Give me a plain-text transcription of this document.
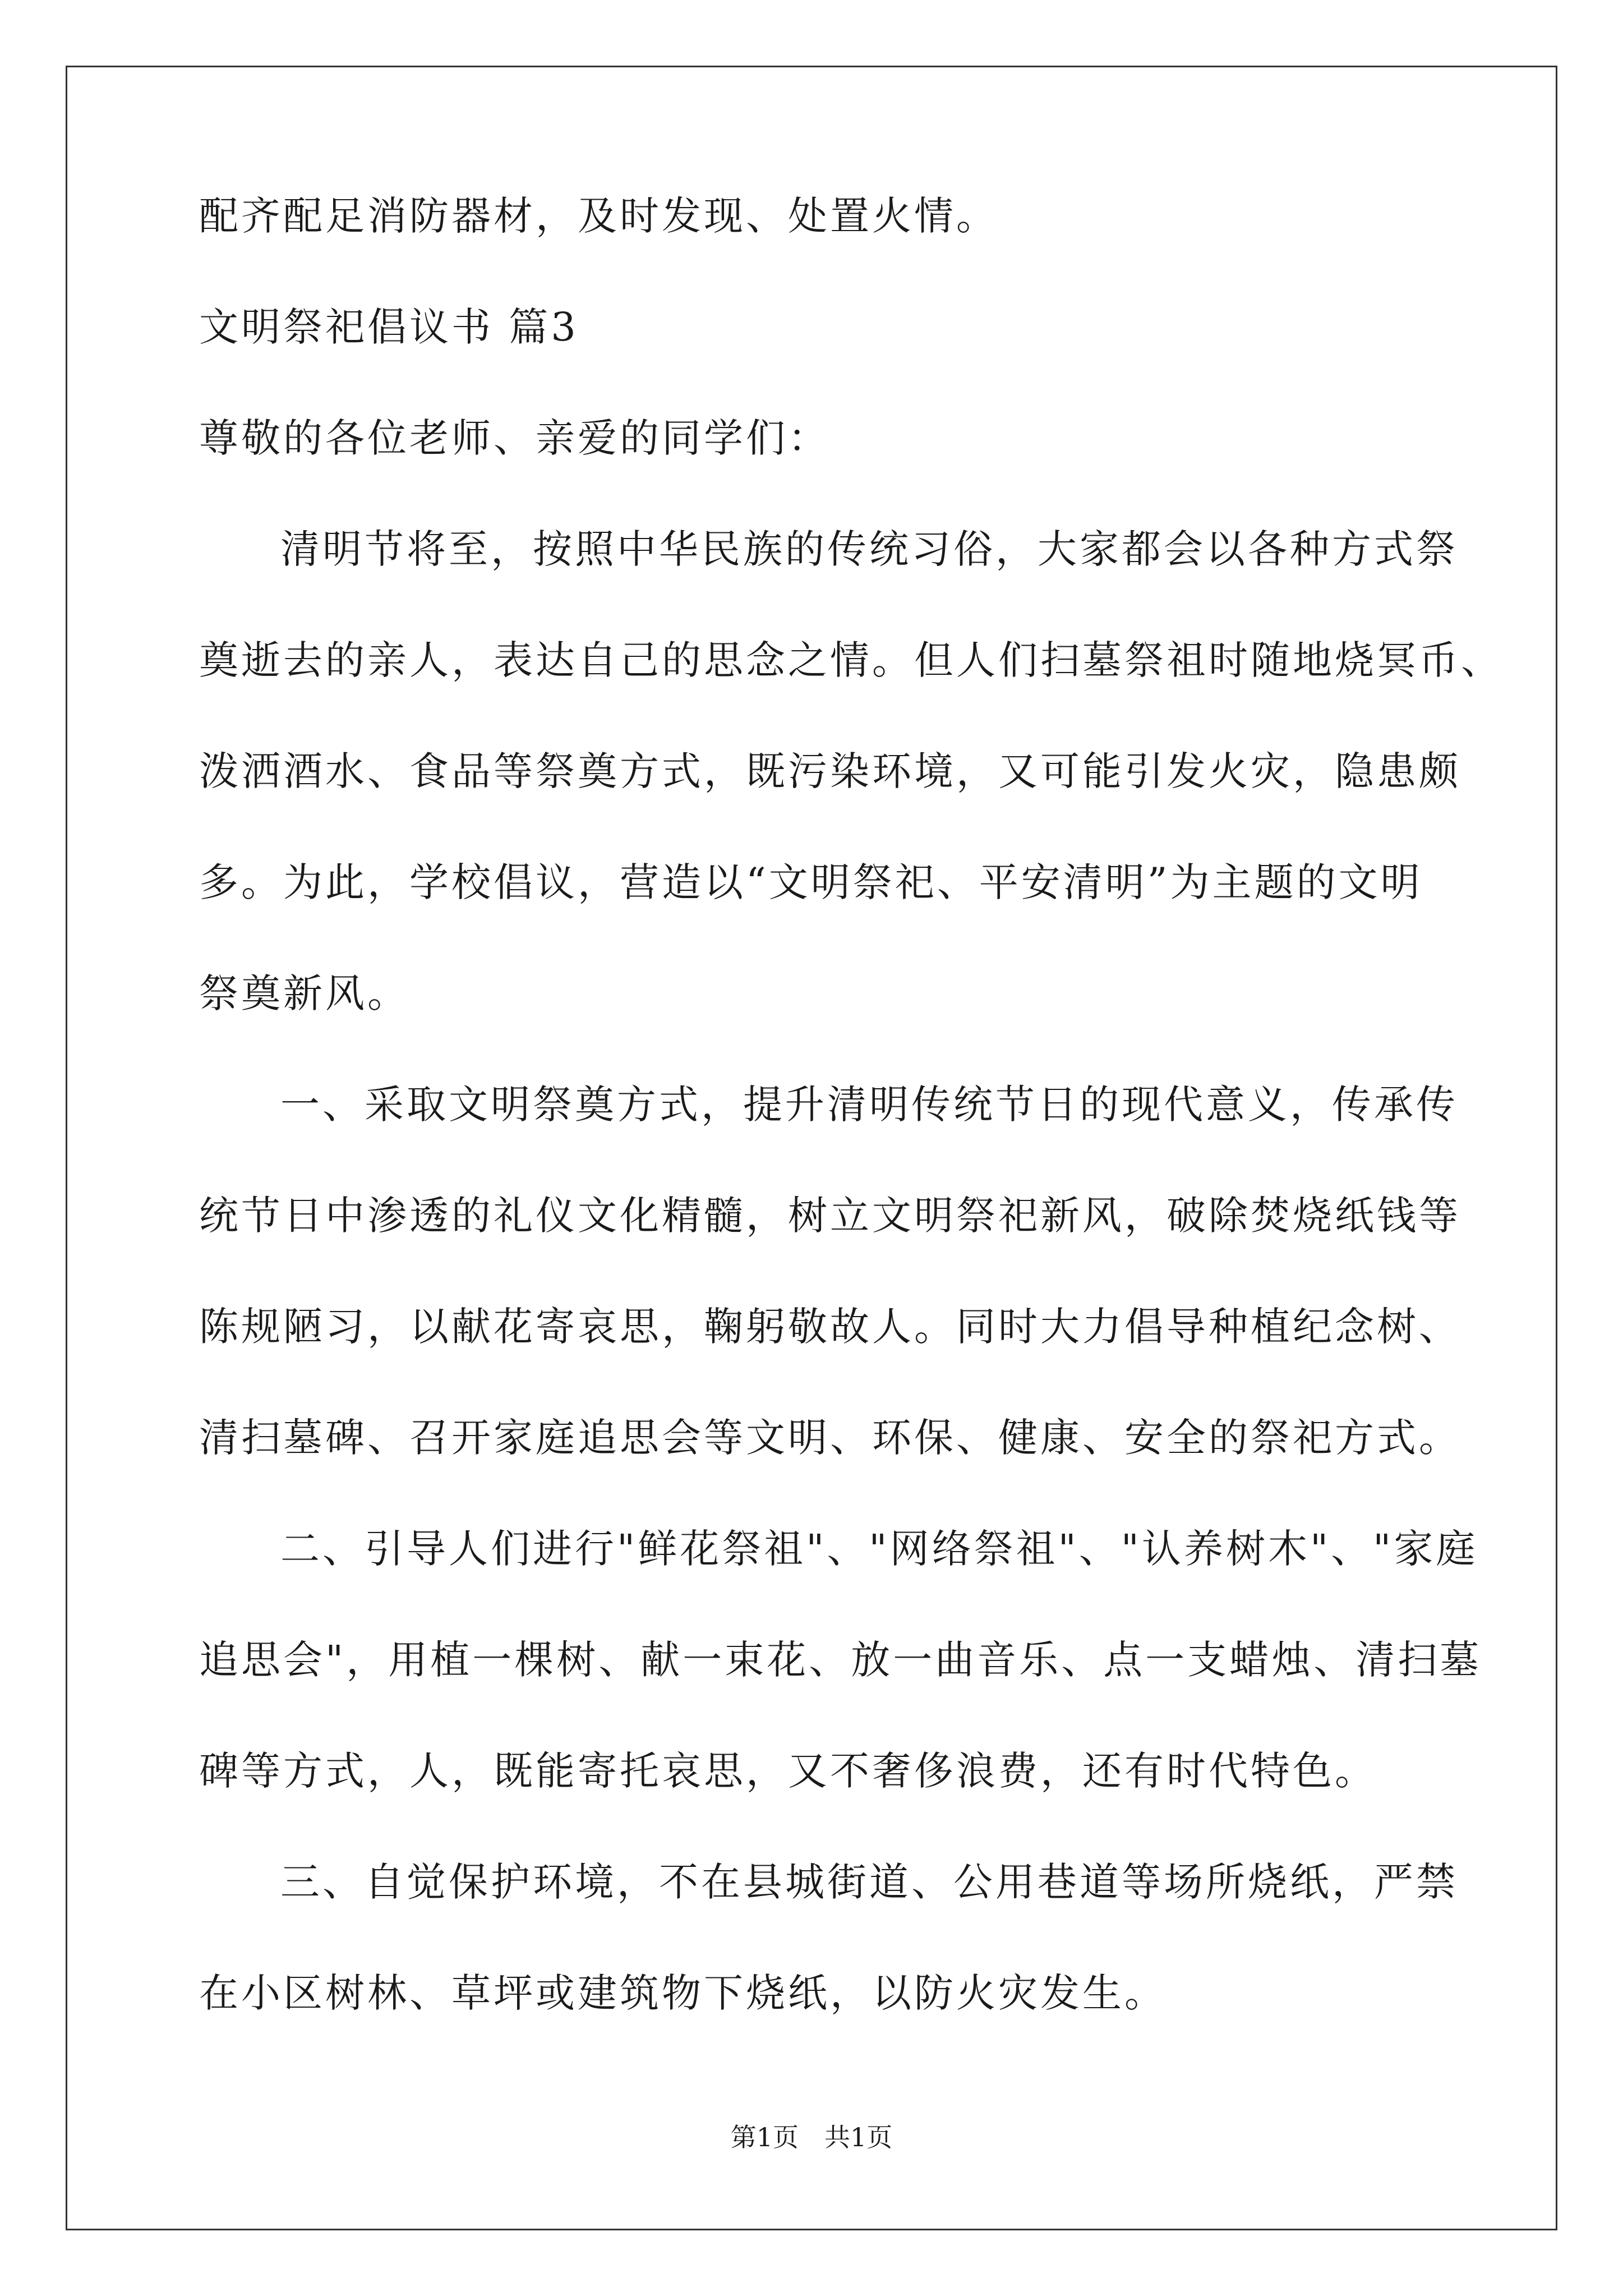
配齐配足消防器材，及时发现、处置火情。
文明祭祀倡议书 篇3
尊敬的各位老师、亲爱的同学们：
清明节将至，按照中华民族的传统习俗，大家都会以各种方式祭
奠逝去的亲人，表达自己的思念之情。但人们扫墓祭祖时随地烧冥币、
泼洒酒水、食品等祭奠方式，既污染环境，又可能引发火灾，隐患颇
多。为此，学校倡议，营造以“文明祭祀、平安清明”为主题的文明
祭奠新风。
一、采取文明祭奠方式，提升清明传统节日的现代意义，传承传
统节日中渗透的礼仪文化精髓，树立文明祭祀新风，破除焚烧纸钱等
陈规陋习，以献花寄哀思，鞠躬敬故人。同时大力倡导种植纪念树、
清扫墓碑、召开家庭追思会等文明、环保、健康、安全的祭祀方式。
二、引导人们进行"鲜花祭祖"、"网络祭祖"、"认养树木"、"家庭
追思会"，用植一棵树、献一束花、放一曲音乐、点一支蜡烛、清扫墓
碑等方式，人，既能寄托哀思，又不奢侈浪费，还有时代特色。
三、自觉保护环境，不在县城街道、公用巷道等场所烧纸，严禁
在小区树林、草坪或建筑物下烧纸，以防火灾发生。
第1页　共1页
